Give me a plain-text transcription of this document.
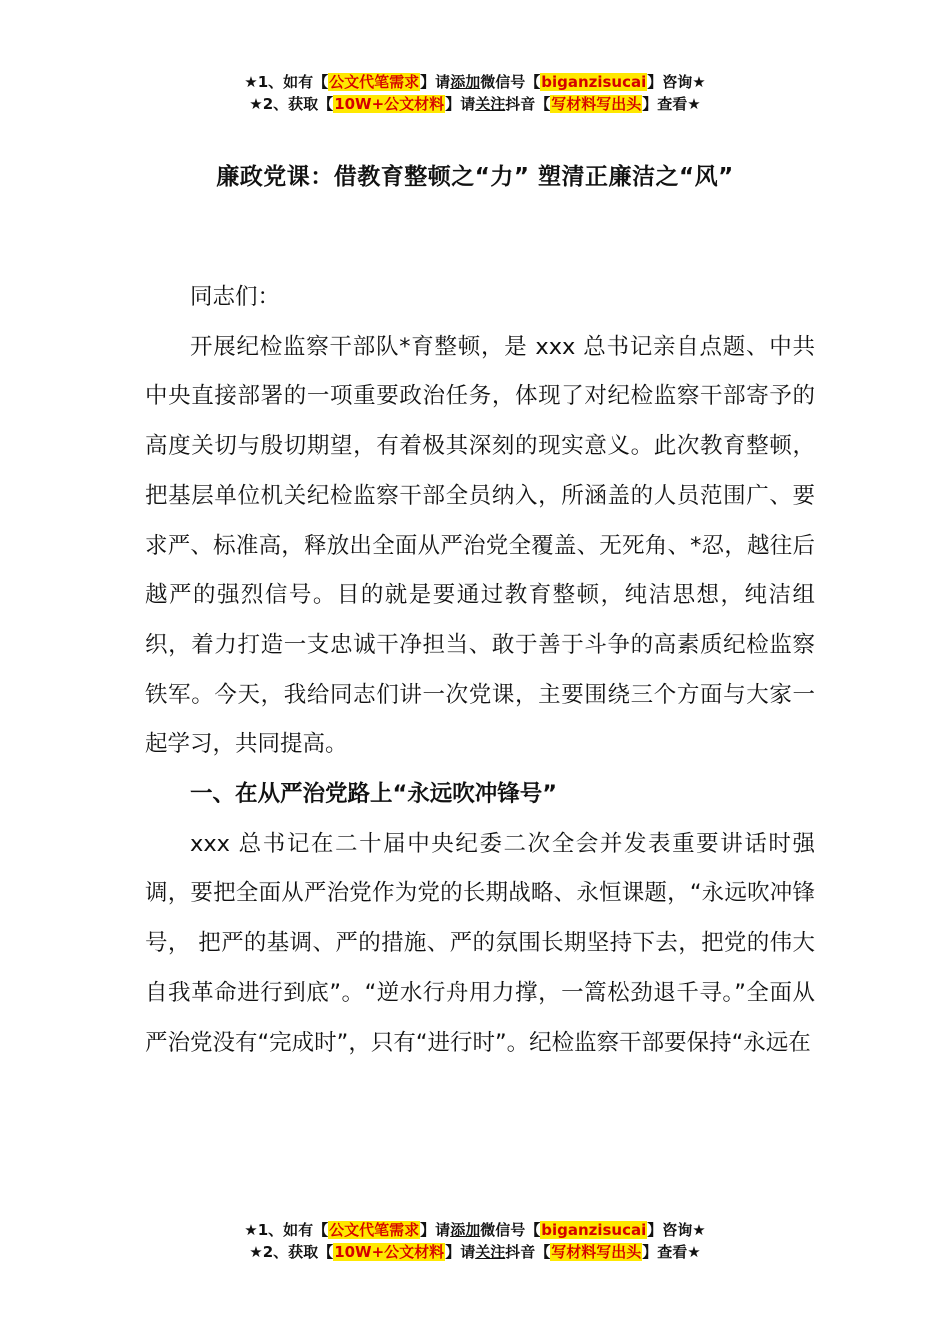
★1、如有【公文代笔需求】请添加微信号【biganzisucai】咨询★
★2、获取【10W+公文材料】请关注抖音【写材料写出头】查看★
廉政党课：借教育整顿之“力” 塑清正廉洁之“风”

同志们：

开展纪检监察干部队*育整顿，是 xxx 总书记亲自点题、中共中央直接部署的一项重要政治任务，体现了对纪检监察干部寄予的高度关切与殷切期望，有着极其深刻的现实意义。此次教育整顿，把基层单位机关纪检监察干部全员纳入，所涵盖的人员范围广、要求严、标准高，释放出全面从严治党全覆盖、无死角、*忍，越往后越严的强烈信号。目的就是要通过教育整顿，纯洁思想，纯洁组织，着力打造一支忠诚干净担当、敢于善于斗争的高素质纪检监察铁军。今天，我给同志们讲一次党课，主要围绕三个方面与大家一起学习，共同提高。

一、在从严治党路上“永远吹冲锋号”

xxx 总书记在二十届中央纪委二次全会并发表重要讲话时强调，要把全面从严治党作为党的长期战略、永恒课题，“永远吹冲锋号， 把严的基调、严的措施、严的氛围长期坚持下去，把党的伟大自我革命进行到底”。“逆水行舟用力撑，一篙松劲退千寻。”全面从严治党没有“完成时”，只有“进行时”。纪检监察干部要保持“永远在

★1、如有【公文代笔需求】请添加微信号【biganzisucai】咨询★
★2、获取【10W+公文材料】请关注抖音【写材料写出头】查看★
